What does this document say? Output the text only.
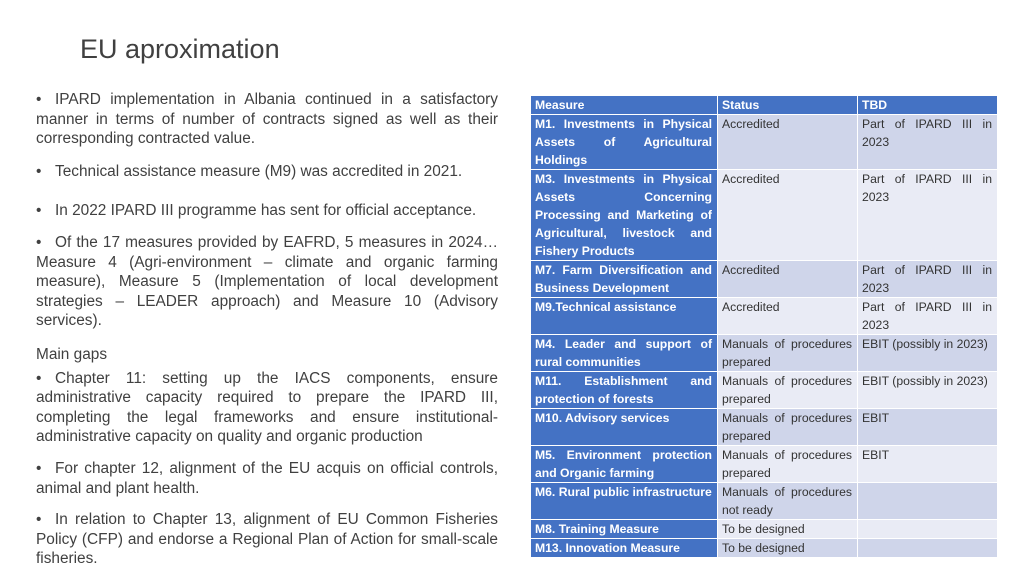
EU aproximation

• IPARD implementation in Albania continued in a satisfactory manner in terms of number of contracts signed as well as their corresponding contracted value.

• Technical assistance measure (M9) was accredited in 2021.

• In 2022 IPARD III programme has sent for official acceptance.

• Of the 17 measures provided by EAFRD, 5 measures in 2024…Measure 4 (Agri-environment – climate and organic farming measure), Measure 5 (Implementation of local development strategies – LEADER approach) and Measure 10 (Advisory services).

Main gaps

• Chapter 11: setting up the IACS components, ensure administrative capacity required to prepare the IPARD III, completing the legal frameworks and ensure institutional-administrative capacity on quality and organic production

• For chapter 12, alignment of the EU acquis on official controls, animal and plant health.

• In relation to Chapter 13, alignment of EU Common Fisheries Policy (CFP) and endorse a Regional Plan of Action for small-scale fisheries.

Measure	Status	TBD
M1. Investments in Physical Assets of Agricultural Holdings	Accredited	Part of IPARD III in 2023
M3. Investments in Physical Assets Concerning Processing and Marketing of Agricultural, livestock and Fishery Products	Accredited	Part of IPARD III in 2023
M7. Farm Diversification and Business Development	Accredited	Part of IPARD III in 2023
M9.Technical assistance	Accredited	Part of IPARD III in 2023
M4. Leader and support of rural communities	Manuals of procedures prepared	EBIT (possibly in 2023)
M11. Establishment and protection of forests	Manuals of procedures prepared	EBIT (possibly in 2023)
M10. Advisory services	Manuals of procedures prepared	EBIT
M5. Environment protection and Organic farming	Manuals of procedures prepared	EBIT
M6. Rural public infrastructure	Manuals of procedures not ready	
M8. Training Measure	To be designed	
M13. Innovation Measure	To be designed	
